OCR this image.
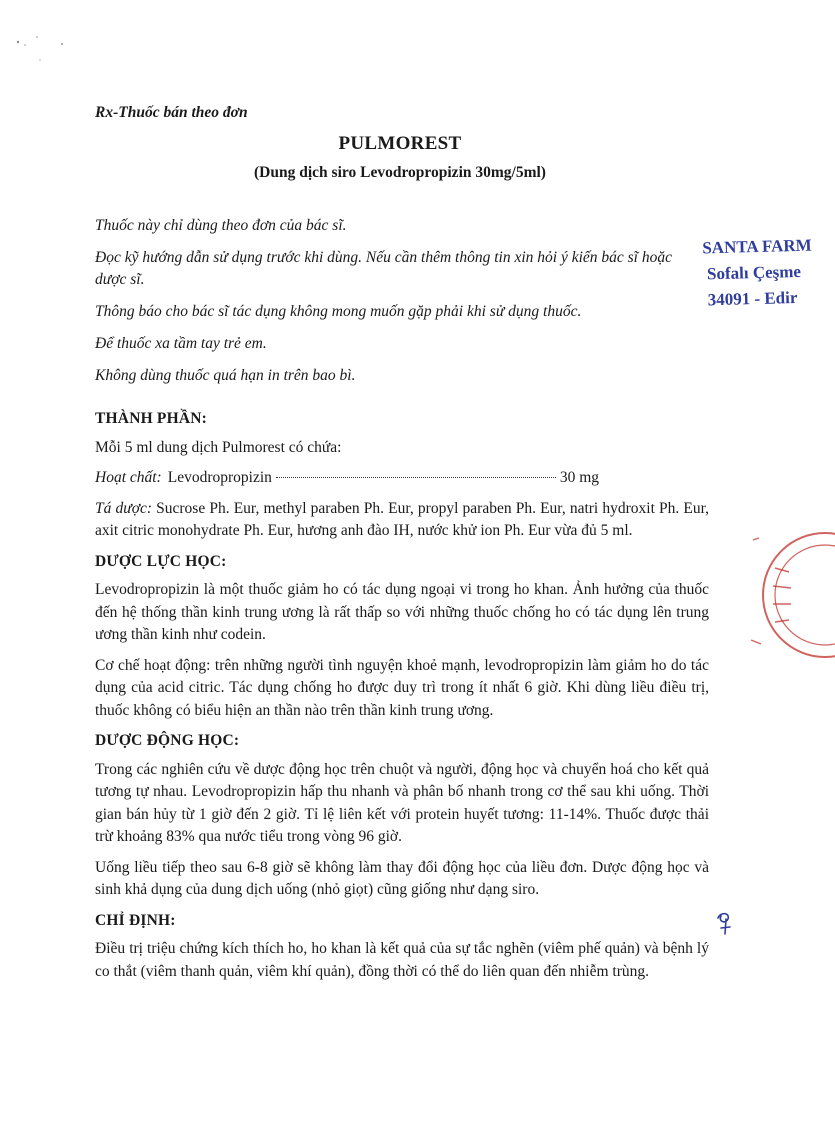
Rx-Thuốc bán theo đơn
PULMOREST
(Dung dịch siro Levodropropizin 30mg/5ml)
Thuốc này chỉ dùng theo đơn của bác sĩ.
Đọc kỹ hướng dẫn sử dụng trước khi dùng. Nếu cần thêm thông tin xin hỏi ý kiến bác sĩ hoặc dược sĩ.
Thông báo cho bác sĩ tác dụng không mong muốn gặp phải khi sử dụng thuốc.
Để thuốc xa tầm tay trẻ em.
Không dùng thuốc quá hạn in trên bao bì.
SANTA FARM
Sofalı Çeşme
34091 - Edir
THÀNH PHẦN:

Mỗi 5 ml dung dịch Pulmorest có chứa:

Hoạt chất: Levodropropizin	30 mg

Tá dược: Sucrose Ph. Eur, methyl paraben Ph. Eur, propyl paraben Ph. Eur, natri hydroxit Ph. Eur, axit citric monohydrate Ph. Eur, hương anh đào IH, nước khử ion Ph. Eur vừa đủ 5 ml.

DƯỢC LỰC HỌC:

Levodropropizin là một thuốc giảm ho có tác dụng ngoại vi trong ho khan. Ảnh hưởng của thuốc đến hệ thống thần kinh trung ương là rất thấp so với những thuốc chống ho có tác dụng lên trung ương thần kinh như codein.

Cơ chế hoạt động: trên những người tình nguyện khoẻ mạnh, levodropropizin làm giảm ho do tác dụng của acid citric. Tác dụng chống ho được duy trì trong ít nhất 6 giờ. Khi dùng liều điều trị, thuốc không có biểu hiện an thần nào trên thần kinh trung ương.

DƯỢC ĐỘNG HỌC:

Trong các nghiên cứu về dược động học trên chuột và người, động học và chuyển hoá cho kết quả tương tự nhau. Levodropropizin hấp thu nhanh và phân bố nhanh trong cơ thể sau khi uống. Thời gian bán hủy từ 1 giờ đến 2 giờ. Tỉ lệ liên kết với protein huyết tương: 11-14%. Thuốc được thải trừ khoảng 83% qua nước tiểu trong vòng 96 giờ.

Uống liều tiếp theo sau 6-8 giờ sẽ không làm thay đổi động học của liều đơn. Dược động học và sinh khả dụng của dung dịch uống (nhỏ giọt) cũng giống như dạng siro.

CHỈ ĐỊNH:

Điều trị triệu chứng kích thích ho, ho khan là kết quả của sự tắc nghẽn (viêm phế quản) và bệnh lý co thắt (viêm thanh quản, viêm khí quản), đồng thời có thể do liên quan đến nhiễm trùng.
